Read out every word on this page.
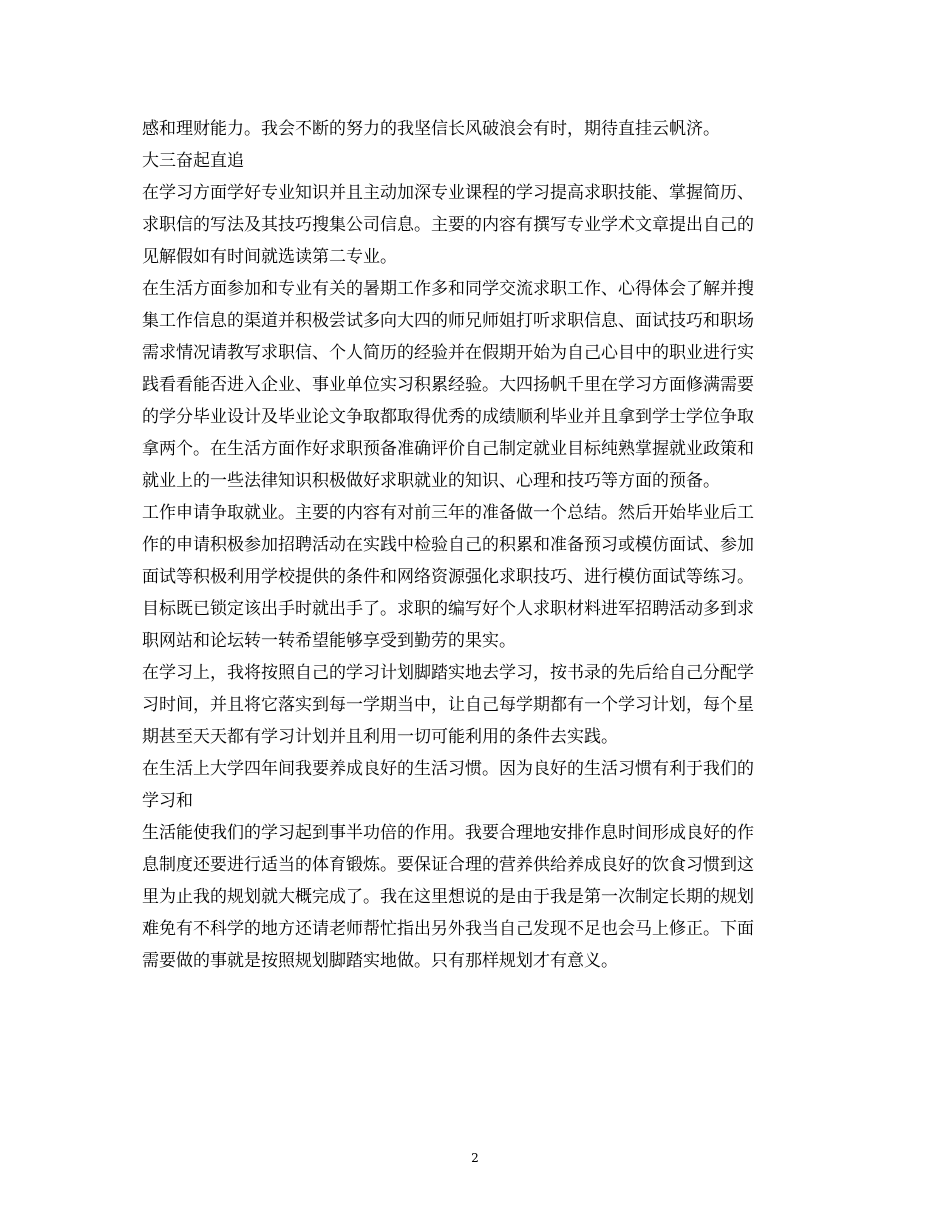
感和理财能力。我会不断的努力的我坚信长风破浪会有时，期待直挂云帆济。
大三奋起直追
在学习方面学好专业知识并且主动加深专业课程的学习提高求职技能、掌握简历、
求职信的写法及其技巧搜集公司信息。主要的内容有撰写专业学术文章提出自己的
见解假如有时间就选读第二专业。
在生活方面参加和专业有关的暑期工作多和同学交流求职工作、心得体会了解并搜
集工作信息的渠道并积极尝试多向大四的师兄师姐打听求职信息、面试技巧和职场
需求情况请教写求职信、个人简历的经验并在假期开始为自己心目中的职业进行实
践看看能否进入企业、事业单位实习积累经验。大四扬帆千里在学习方面修满需要
的学分毕业设计及毕业论文争取都取得优秀的成绩顺利毕业并且拿到学士学位争取
拿两个。在生活方面作好求职预备准确评价自己制定就业目标纯熟掌握就业政策和
就业上的一些法律知识积极做好求职就业的知识、心理和技巧等方面的预备。
工作申请争取就业。主要的内容有对前三年的准备做一个总结。然后开始毕业后工
作的申请积极参加招聘活动在实践中检验自己的积累和准备预习或模仿面试、参加
面试等积极利用学校提供的条件和网络资源强化求职技巧、进行模仿面试等练习。
目标既已锁定该出手时就出手了。求职的编写好个人求职材料进军招聘活动多到求
职网站和论坛转一转希望能够享受到勤劳的果实。
在学习上，我将按照自己的学习计划脚踏实地去学习，按书录的先后给自己分配学
习时间，并且将它落实到每一学期当中，让自己每学期都有一个学习计划，每个星
期甚至天天都有学习计划并且利用一切可能利用的条件去实践。
在生活上大学四年间我要养成良好的生活习惯。因为良好的生活习惯有利于我们的
学习和
生活能使我们的学习起到事半功倍的作用。我要合理地安排作息时间形成良好的作
息制度还要进行适当的体育锻炼。要保证合理的营养供给养成良好的饮食习惯到这
里为止我的规划就大概完成了。我在这里想说的是由于我是第一次制定长期的规划
难免有不科学的地方还请老师帮忙指出另外我当自己发现不足也会马上修正。下面
需要做的事就是按照规划脚踏实地做。只有那样规划才有意义。
2
